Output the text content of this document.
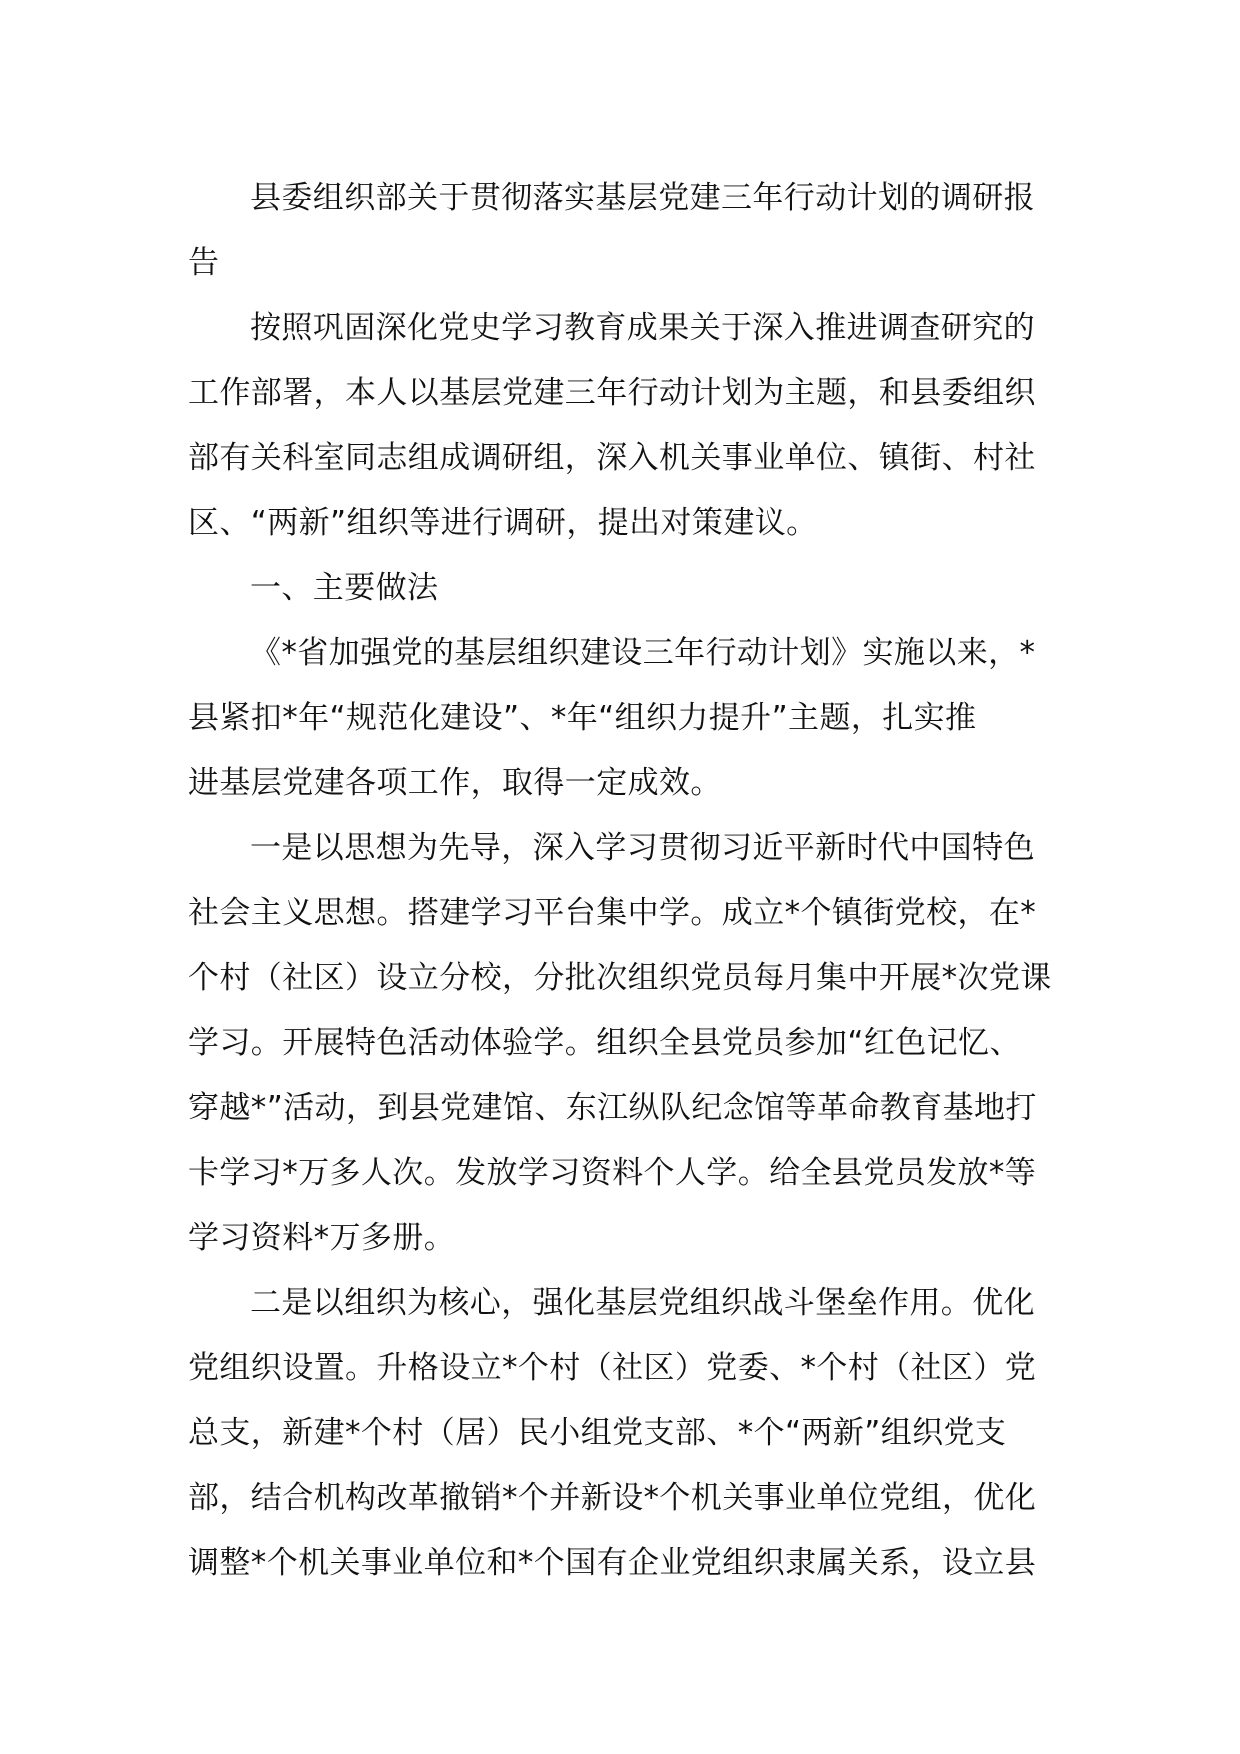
县委组织部关于贯彻落实基层党建三年行动计划的调研报
告
按照巩固深化党史学习教育成果关于深入推进调查研究的
工作部署，本人以基层党建三年行动计划为主题，和县委组织
部有关科室同志组成调研组，深入机关事业单位、镇街、村社
区、“两新”组织等进行调研，提出对策建议。
一、主要做法
《*省加强党的基层组织建设三年行动计划》实施以来，*
县紧扣*年“规范化建设”、*年“组织力提升”主题，扎实推
进基层党建各项工作，取得一定成效。
一是以思想为先导，深入学习贯彻习近平新时代中国特色
社会主义思想。搭建学习平台集中学。成立*个镇街党校，在*
个村（社区）设立分校，分批次组织党员每月集中开展*次党课
学习。开展特色活动体验学。组织全县党员参加“红色记忆、
穿越*”活动，到县党建馆、东江纵队纪念馆等革命教育基地打
卡学习*万多人次。发放学习资料个人学。给全县党员发放*等
学习资料*万多册。
二是以组织为核心，强化基层党组织战斗堡垒作用。优化
党组织设置。升格设立*个村（社区）党委、*个村（社区）党
总支，新建*个村（居）民小组党支部、*个“两新”组织党支
部，结合机构改革撤销*个并新设*个机关事业单位党组，优化
调整*个机关事业单位和*个国有企业党组织隶属关系，设立县
